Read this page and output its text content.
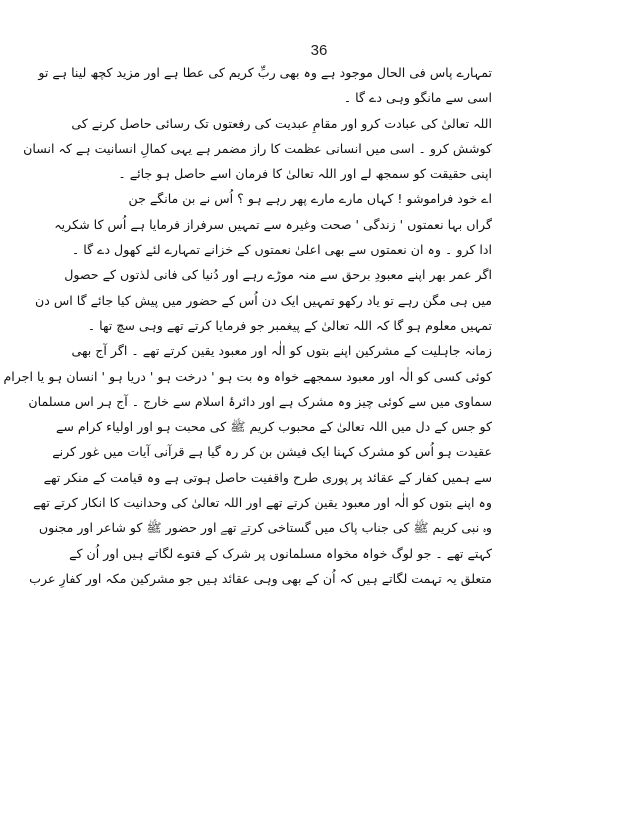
36
تمہارے پاس فی الحال موجود ہے وہ بھی ربِّ کریم کی عطا ہے اور مزید کچھ لینا ہے تو
اسی سے مانگو وہی دے گا ۔
اللہ تعالیٰ کی عبادت کرو اور مقامِ عبدیت کی رفعتوں تک رسائی حاصل کرنے کی
کوشش کرو ۔ اسی میں انسانی عظمت کا راز مضمر ہے یہی کمالِ انسانیت ہے کہ انسان
اپنی حقیقت کو سمجھ لے اور اللہ تعالیٰ کا فرمان اسے حاصل ہو جائے ۔
اے خود فراموشو ! کہاں مارے مارے پھر رہے ہو ؟ اُس نے بن مانگے جن
گراں بہا نعمتوں ' زندگی ' صحت وغیرہ سے تمہیں سرفراز فرمایا ہے اُس کا شکریہ
ادا کرو ۔ وہ ان نعمتوں سے بھی اعلیٰ نعمتوں کے خزانے تمہارے لئے کھول دے گا ۔
اگر عمر بھر اپنے معبودِ برحق سے منہ موڑے رہے اور دُنیا کی فانی لذتوں کے حصول
میں ہی مگن رہے تو یاد رکھو تمہیں ایک دن اُس کے حضور میں پیش کیا جائے گا اس دن
تمہیں معلوم ہو گا کہ اللہ تعالیٰ کے پیغمبر جو فرمایا کرتے تھے وہی سچ تھا ۔
زمانہ جاہلیت کے مشرکین اپنے بتوں کو الٰہ اور معبود یقین کرتے تھے ۔ اگر آج بھی
کوئی کسی کو الٰہ اور معبود سمجھے خواہ وہ بت ہو ' درخت ہو ' دریا ہو ' انسان ہو یا اجرام
سماوی میں سے کوئی چیز وہ مشرک ہے اور دائرۂ اسلام سے خارج ۔ آج ہر اس مسلمان
کو جس کے دل میں اللہ تعالیٰ کے محبوب کریم ﷺ کی محبت ہو اور اولیاء کرام سے
عقیدت ہو اُس کو مشرک کہنا ایک فیشن بن کر رہ گیا ہے قرآنی آیات میں غور کرنے
سے ہمیں کفار کے عقائد پر پوری طرح واقفیت حاصل ہوتی ہے وہ قیامت کے منکر تھے
وہ اپنے بتوں کو الٰہ اور معبود یقین کرتے تھے اور اللہ تعالیٰ کی وحدانیت کا انکار کرتے تھے
وہ نبی کریم ﷺ کی جناب پاک میں گستاخی کرتے تھے اور حضور ﷺ کو شاعر اور مجنوں
کہتے تھے ۔ جو لوگ خواہ مخواہ مسلمانوں پر شرک کے فتوے لگاتے ہیں اور اُن کے
متعلق یہ تہمت لگاتے ہیں کہ اُن کے بھی وہی عقائد ہیں جو مشرکین مکہ اور کفارِ عرب
